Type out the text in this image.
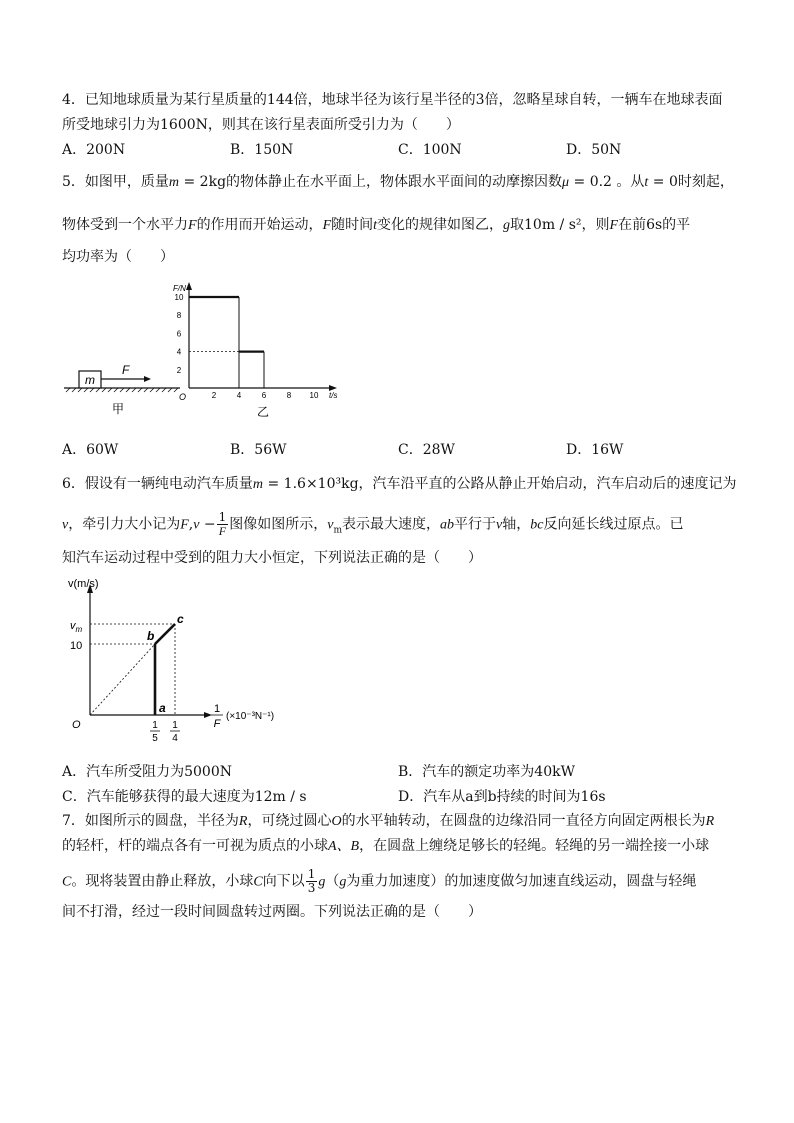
4．已知地球质量为某行星质量的144倍，地球半径为该行星半径的3倍，忽略星球自转，一辆车在地球表面
所受地球引力为1600N，则其在该行星表面所受引力为（　　）
A．200N	B．150N	C．100N	D．50N
5．如图甲，质量m = 2kg的物体静止在水平面上，物体跟水平面间的动摩擦因数μ = 0.2 。从t = 0时刻起，
物体受到一个水平力F的作用而开始运动，F随时间t变化的规律如图乙，g取10m / s²，则F在前6s的平
均功率为（　　）
m
F
甲
F/N
t/s
O
2
4
6
8
10
2	4	6	8 10
乙
A．60W	B．56W	C．28W	D．16W
6．假设有一辆纯电动汽车质量m = 1.6×10³kg，汽车沿平直的公路从静止开始启动，汽车启动后的速度记为
v，牵引力大小记为$F,v - \frac{1}{F}$ 图像如图所示，$v_m$表示最大速度，ab平行于v轴，bc反向延长线过原点。已
知汽车运动过程中受到的阻力大小恒定，下列说法正确的是（　　）
v(m/s)
$v_m$
10
O
a
b
c
1
5
1
4
1
F
(×10⁻³N⁻¹)
A．汽车所受阻力为5000N	B．汽车的额定功率为40kW
C．汽车能够获得的最大速度为12m / s	D．汽车从a到b持续的时间为16s
7．如图所示的圆盘，半径为R，可绕过圆心O的水平轴转动，在圆盘的边缘沿同一直径方向固定两根长为R
的轻杆，杆的端点各有一可视为质点的小球A、B，在圆盘上缠绕足够长的轻绳。轻绳的另一端拴接一小球
C。现将装置由静止释放，小球C向下以 $\frac{1}{3} g(g$为重力加速度）的加速度做匀加速直线运动，圆盘与轻绳
间不打滑，经过一段时间圆盘转过两圈。下列说法正确的是（　　）
